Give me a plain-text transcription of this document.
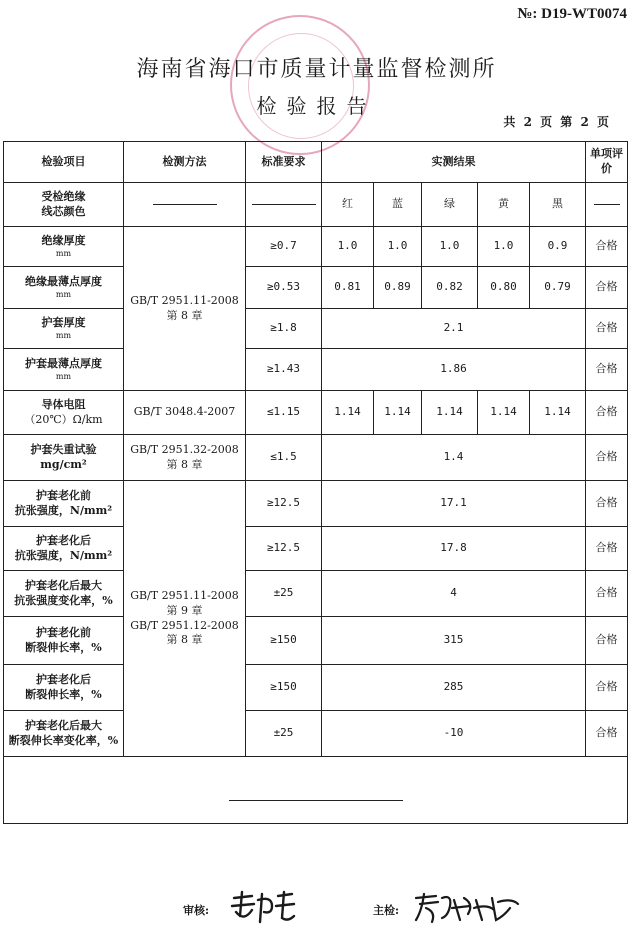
№: D19-WT0074
海南省海口市质量计量监督检测所
检验报告
共 2 页 第 2 页
检验项目	检测方法	标准要求	实测结果					单项评价

受检绝缘
线芯颜色			红	蓝	绿	黄	黑	

绝缘厚度
mm	GB/T 2951.11-2008
第 8 章	≥0.7	1.0	1.0	1.0	1.0	0.9	合格

绝缘最薄点厚度
mm		≥0.53	0.81	0.89	0.82	0.80	0.79	合格

护套厚度
mm		≥1.8	2.1					合格

护套最薄点厚度
mm		≥1.43	1.86					合格

导体电阻
（20℃）Ω/km	GB/T 3048.4-2007	≤1.15	1.14	1.14	1.14	1.14	1.14	合格

护套失重试验
mg/cm²	GB/T 2951.32-2008
第 8 章	≤1.5	1.4					合格

护套老化前
抗张强度，N/mm²	GB/T 2951.11-2008
第 9 章
GB/T 2951.12-2008
第 8 章	≥12.5	17.1					合格

护套老化后
抗张强度，N/mm²		≥12.5	17.8					合格

护套老化后最大
抗张强度变化率，%		±25	4					合格

护套老化前
断裂伸长率，%		≥150	315					合格

护套老化后
断裂伸长率，%		≥150	285					合格

护套老化后最大
断裂伸长率变化率，%		±25	-10					合格

审核:	主检:
